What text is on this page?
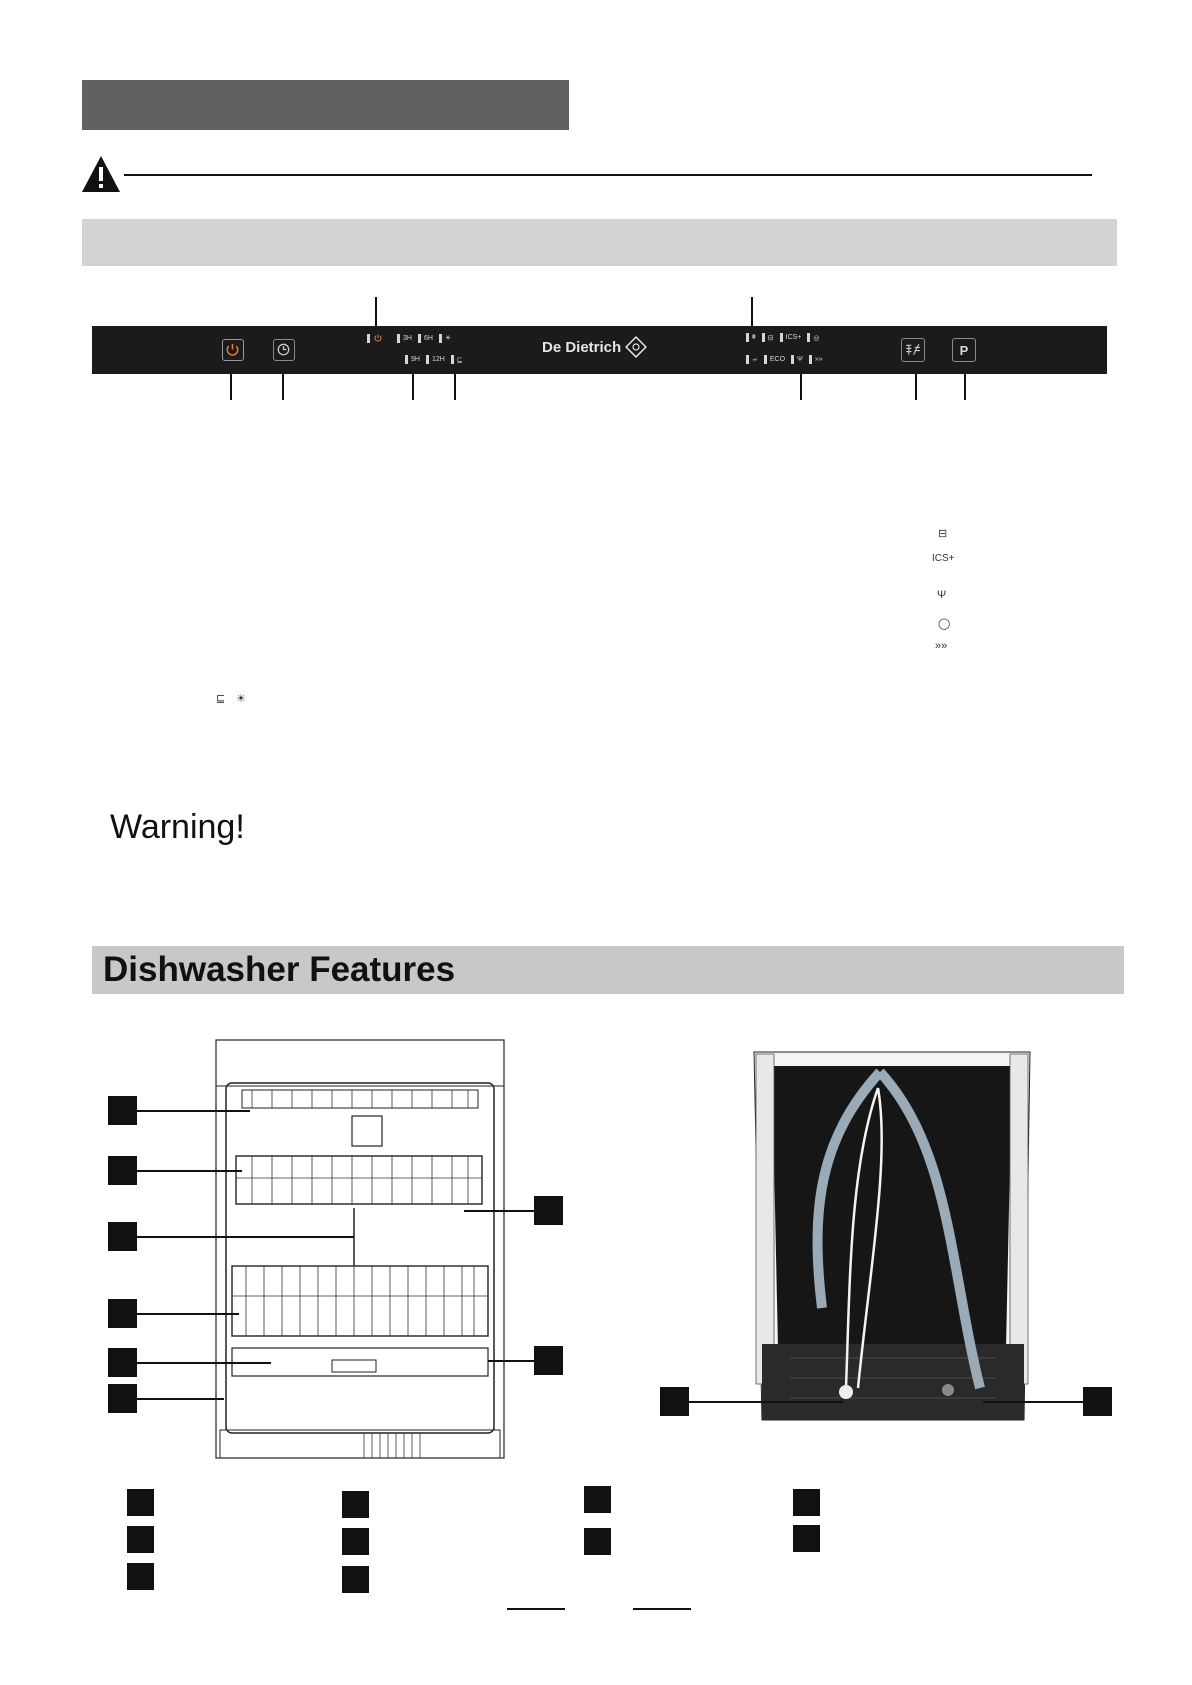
3H 6H ☀
9H 12H ⊑
De Dietrich
⩩ ⊟ ICS+ ◎
⩫ ECO Ψ »»
P
⊟
ICS+
Ψ
◯
»»
⊑ ☀
Warning!
Dishwasher Features
